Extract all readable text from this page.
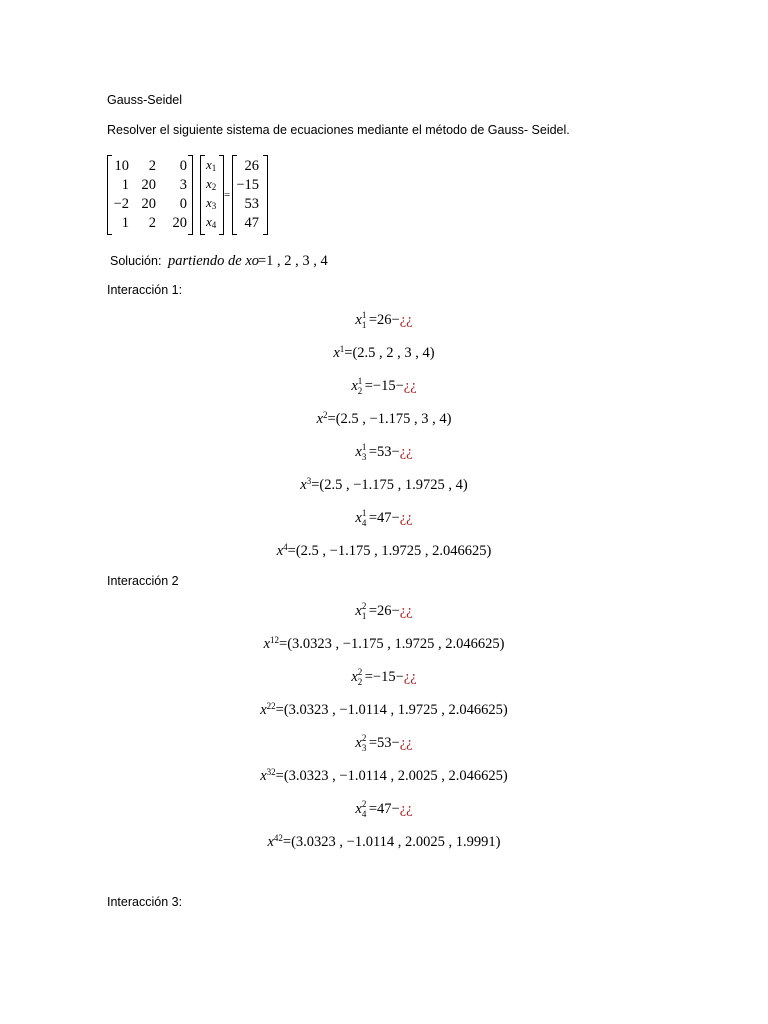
Gauss-Seidel
Resolver el siguiente sistema de ecuaciones mediante el método de Gauss- Seidel.
10 2 0
1 20 3
−2 20 0
1 2 20
$x_1$
$x_2$
$x_3$
$x_4$
=
26
−15
53
47
Solución: partiendo de xo
=1 , 2 , 3 , 4
Interacción 1:
x 1
1 =26−¿¿
$x^1=(2.5$ , 2 , 3 , 4)
x 1
2 =−15−¿¿
$x^2=(2.5$ , −1.175 , 3 , 4)
x 1
3 =53−¿¿
$x^3=(2.5$ , −1.175 , 1.9725 , 4)
x 1
4 =47−¿¿
$x^4=(2.5$ , −1.175 , 1.9725 , 2.046625)
Interacción 2
x 2
1 =26−¿¿
$x^{12}=(3.0323$ , −1.175 , 1.9725 , 2.046625)
x 2
2 =−15−¿¿
$x^{22}=(3.0323$ , −1.0114 , 1.9725 , 2.046625)
x 2
3 =53−¿¿
$x^{32}=(3.0323$ , −1.0114 , 2.0025 , 2.046625)
x 2
4 =47−¿¿
$x^{42}=(3.0323$ , −1.0114 , 2.0025 , 1.9991)
Interacción 3:
